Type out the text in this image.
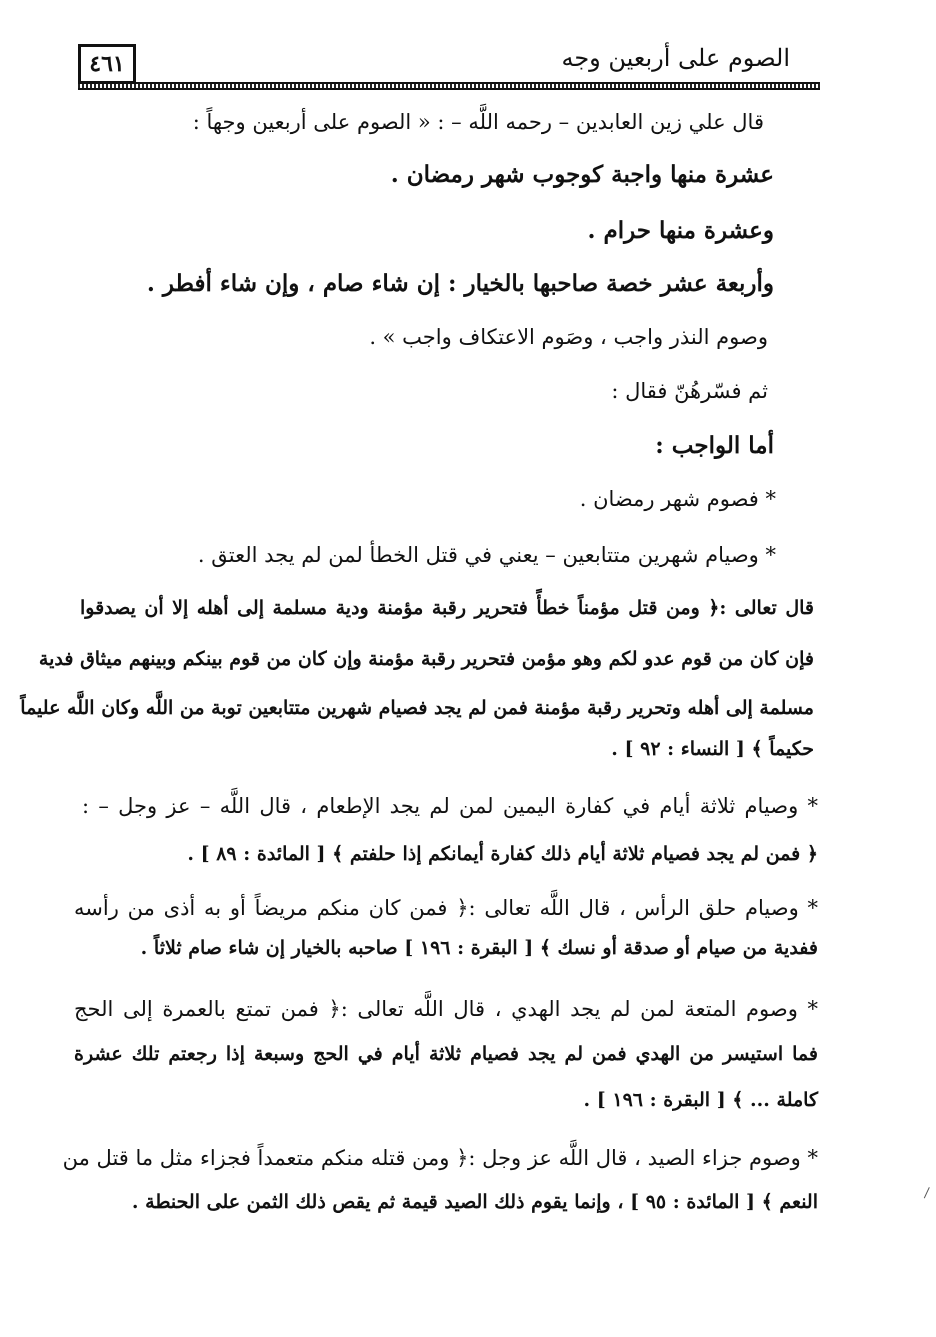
٤٦١	الصوم على أربعين وجه
قال علي زين العابدين – رحمه اللَّه – : « الصوم على أربعين وجهاً :
عشرة منها واجبة كوجوب شهر رمضان .
وعشرة منها حرام .
وأربعة عشر خصة صاحبها بالخيار : إن شاء صام ، وإن شاء أفطر .
وصوم النذر واجب ، وصَوم الاعتكاف واجب » .
ثم فسّرهُنّ فقال :
أما الواجب :
* فصوم شهر رمضان .
* وصيام شهرين متتابعين – يعني في قتل الخطأ لمن لم يجد العتق .
قال تعالى :﴿ ومن قتل مؤمناً خطأً فتحرير رقبة مؤمنة ودية مسلمة إلى أهله إلا أن يصدقوا
فإن كان من قوم عدو لكم وهو مؤمن فتحرير رقبة مؤمنة وإن كان من قوم بينكم وبينهم ميثاق فدية
مسلمة إلى أهله وتحرير رقبة مؤمنة فمن لم يجد فصيام شهرين متتابعين توبة من اللَّه وكان اللَّه عليماً
حكيماً ﴾ [ النساء : ٩٢ ] .
* وصيام ثلاثة أيام في كفارة اليمين لمن لم يجد الإطعام ، قال اللَّه – عز وجل – :
﴿ فمن لم يجد فصيام ثلاثة أيام ذلك كفارة أيمانكم إذا حلفتم ﴾ [ المائدة : ٨٩ ] .
* وصيام حلق الرأس ، قال اللَّه تعالى :﴿ فمن كان منكم مريضاً أو به أذى من رأسه
ففدية من صيام أو صدقة أو نسك ﴾ [ البقرة : ١٩٦ ] صاحبه بالخيار إن شاء صام ثلاثاً .
* وصوم المتعة لمن لم يجد الهدي ، قال اللَّه تعالى :﴿ فمن تمتع بالعمرة إلى الحج
فما استيسر من الهدي فمن لم يجد فصيام ثلاثة أيام في الحج وسبعة إذا رجعتم تلك عشرة
كاملة ... ﴾ [ البقرة : ١٩٦ ] .
* وصوم جزاء الصيد ، قال اللَّه عز وجل :﴿ ومن قتله منكم متعمداً فجزاء مثل ما قتل من
النعم ﴾ [ المائدة : ٩٥ ] ، وإنما يقوم ذلك الصيد قيمة ثم يقص ذلك الثمن على الحنطة .
